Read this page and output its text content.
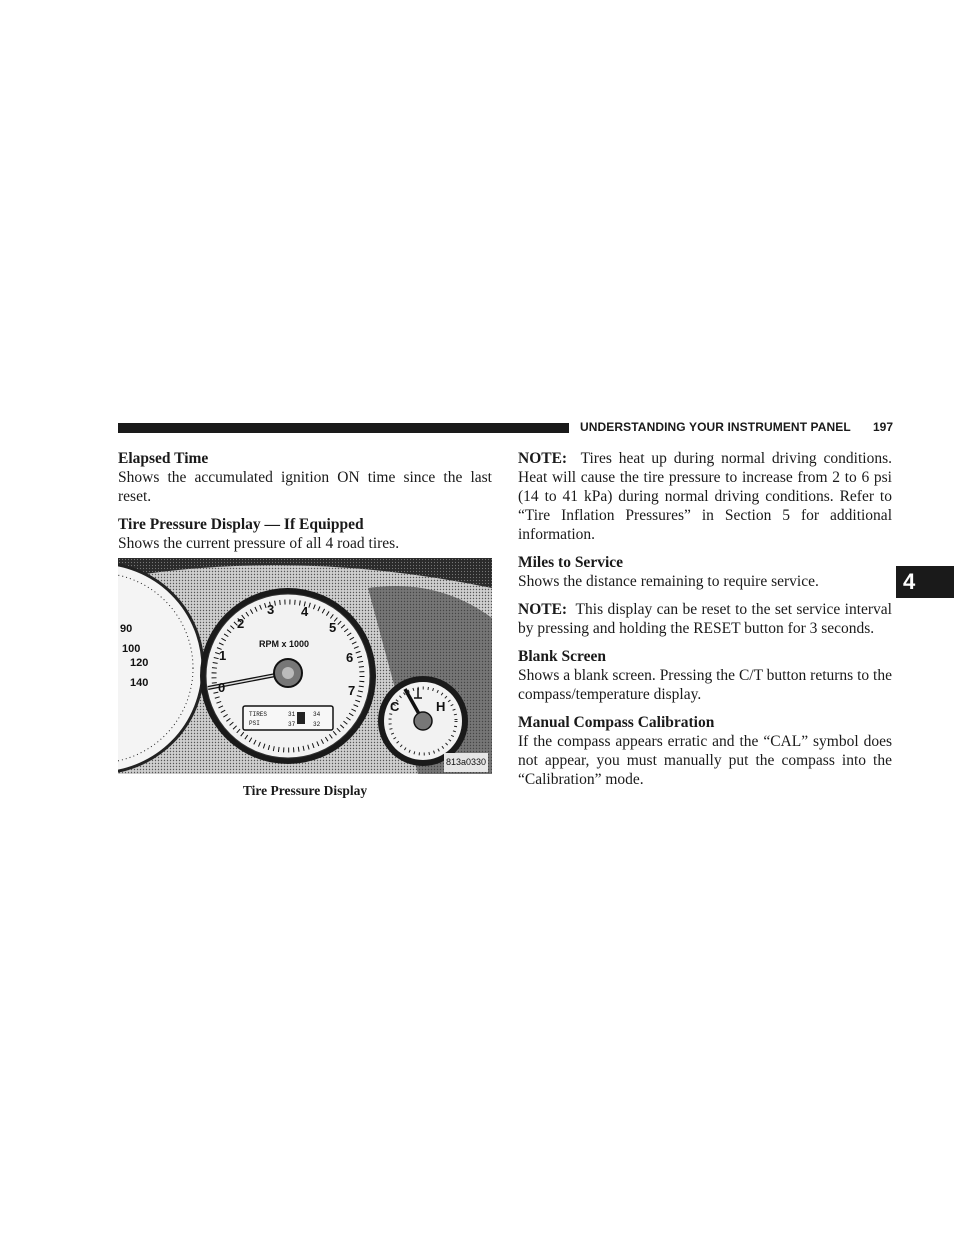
UNDERSTANDING YOUR INSTRUMENT PANEL	197
4

Elapsed Time

Shows the accumulated ignition ON time since the last reset.

Tire Pressure Display — If Equipped

Shows the current pressure of all 4 road tires.

90
100
120
140	0
1
2
3 4
5
6
7
RPM x 1000
TIRES
PSI
31	34
37	32
C	H
813a0330
Tire Pressure Display

NOTE: Tires heat up during normal driving conditions. Heat will cause the tire pressure to increase from 2 to 6 psi (14 to 41 kPa) during normal driving conditions. Refer to “Tire Inflation Pressures” in Section 5 for additional information.

Miles to Service

Shows the distance remaining to require service.

NOTE: This display can be reset to the set service interval by pressing and holding the RESET button for 3 seconds.

Blank Screen

Shows a blank screen. Pressing the C/T button returns to the compass/temperature display.

Manual Compass Calibration

If the compass appears erratic and the “CAL” symbol does not appear, you must manually put the compass into the “Calibration” mode.
